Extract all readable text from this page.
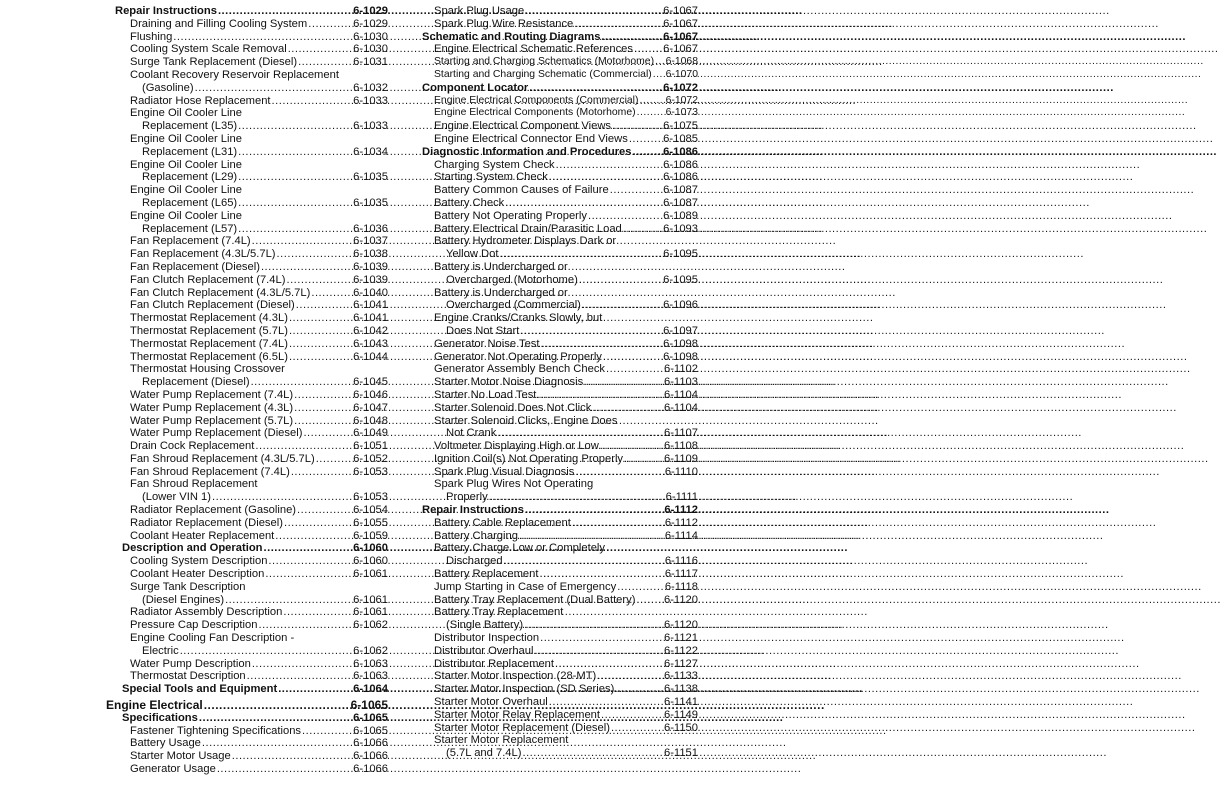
Repair Instructions .....	6-1029
Draining and Filling Cooling System .....	6-1029
Flushing .....	6-1030
Cooling System Scale Removal .....	6-1030
Surge Tank Replacement (Diesel) .....	6-1031
Coolant Recovery Reservoir Replacement
(Gasoline) .....	6-1032
Radiator Hose Replacement .....	6-1033
Engine Oil Cooler Line
Replacement (L35) .....	6-1033
Engine Oil Cooler Line
Replacement (L31) .....	6-1034
Engine Oil Cooler Line
Replacement (L29) .....	6-1035
Engine Oil Cooler Line
Replacement (L65) .....	6-1035
Engine Oil Cooler Line
Replacement (L57) .....	6-1036
Fan Replacement (7.4L) .....	6-1037
Fan Replacement (4.3L/5.7L) .....	6-1038
Fan Replacement (Diesel) .....	6-1039
Fan Clutch Replacement (7.4L) .....	6-1039
Fan Clutch Replacement (4.3L/5.7L) .....	6-1040
Fan Clutch Replacement (Diesel) .....	6-1041
Thermostat Replacement (4.3L) .....	6-1041
Thermostat Replacement (5.7L) .....	6-1042
Thermostat Replacement (7.4L) .....	6-1043
Thermostat Replacement (6.5L) .....	6-1044
Thermostat Housing Crossover
Replacement (Diesel) .....	6-1045
Water Pump Replacement (7.4L) .....	6-1046
Water Pump Replacement (4.3L) .....	6-1047
Water Pump Replacement (5.7L) .....	6-1048
Water Pump Replacement (Diesel) .....	6-1049
Drain Cock Replacement .....	6-1051
Fan Shroud Replacement (4.3L/5.7L) .....	6-1052
Fan Shroud Replacement (7.4L) .....	6-1053
Fan Shroud Replacement
(Lower VIN 1) .....	6-1053
Radiator Replacement (Gasoline) .....	6-1054
Radiator Replacement (Diesel) .....	6-1055
Coolant Heater Replacement .....	6-1059
Description and Operation .....	6-1060
Cooling System Description .....	6-1060
Coolant Heater Description .....	6-1061
Surge Tank Description
(Diesel Engines) .....	6-1061
Radiator Assembly Description .....	6-1061
Pressure Cap Description .....	6-1062
Engine Cooling Fan Description -
Electric .....	6-1062
Water Pump Description .....	6-1063
Thermostat Description .....	6-1063
Special Tools and Equipment .....	6-1064
Engine Electrical .....	6-1065
Specifications .....	6-1065
Fastener Tightening Specifications .....	6-1065
Battery Usage .....	6-1066
Starter Motor Usage .....	6-1066
Generator Usage .....	6-1066
Spark Plug Usage .....	6-1067
Spark Plug Wire Resistance .....	6-1067
Schematic and Routing Diagrams .....	6-1067
Engine Electrical Schematic References .....	6-1067
Starting and Charging Schematics (Motorhome) ..... 6-1068
Starting and Charging Schematic (Commercial) ..... 6-1070
Component Locator .....	6-1072
Engine Electrical Components (Commercial) .....	6-1072
Engine Electrical Components (Motorhome) .....	6-1073
Engine Electrical Component Views .....	6-1075
Engine Electrical Connector End Views .....	6-1085
Diagnostic Information and Procedures .....	6-1086
Charging System Check .....	6-1086
Starting System Check .....	6-1086
Battery Common Causes of Failure .....	6-1087
Battery Check .....	6-1087
Battery Not Operating Properly .....	6-1089
Battery Electrical Drain/Parasitic Load .....	6-1093
Battery Hydrometer Displays Dark or
Yellow Dot .....	6-1095
Battery is Undercharged or
Overcharged (Motorhome) .....	6-1095
Battery is Undercharged or
Overcharged (Commercial) .....	6-1096
Engine Cranks/Cranks Slowly, but
Does Not Start .....	6-1097
Generator Noise Test .....	6-1098
Generator Not Operating Properly .....	6-1098
Generator Assembly Bench Check .....	6-1102
Starter Motor Noise Diagnosis .....	6-1103
Starter No Load Test .....	6-1104
Starter Solenoid Does Not Click .....	6-1104
Starter Solenoid Clicks, Engine Does
Not Crank .....	6-1107
Voltmeter Displaying High or Low .....	6-1108
Ignition Coil(s) Not Operating Properly .....	6-1109
Spark Plug Visual Diagnosis .....	6-1110
Spark Plug Wires Not Operating
Properly .....	6-1111
Repair Instructions .....	6-1112
Battery Cable Replacement .....	6-1112
Battery Charging .....	6-1114
Battery Charge Low or Completely
Discharged .....	6-1116
Battery Replacement .....	6-1117
Jump Starting in Case of Emergency .....	6-1118
Battery Tray Replacement (Dual Battery) .....	6-1120
Battery Tray Replacement
(Single Battery) .....	6-1120
Distributor Inspection .....	6-1121
Distributor Overhaul .....	6-1122
Distributor Replacement .....	6-1127
Starter Motor Inspection (28-MT) .....	6-1133
Starter Motor Inspection (SD Series) .....	6-1138
Starter Motor Overhaul .....	6-1141
Starter Motor Relay Replacement .....	6-1149
Starter Motor Replacement (Diesel) .....	6-1150
Starter Motor Replacement
(5.7L and 7.4L) .....	6-1151
